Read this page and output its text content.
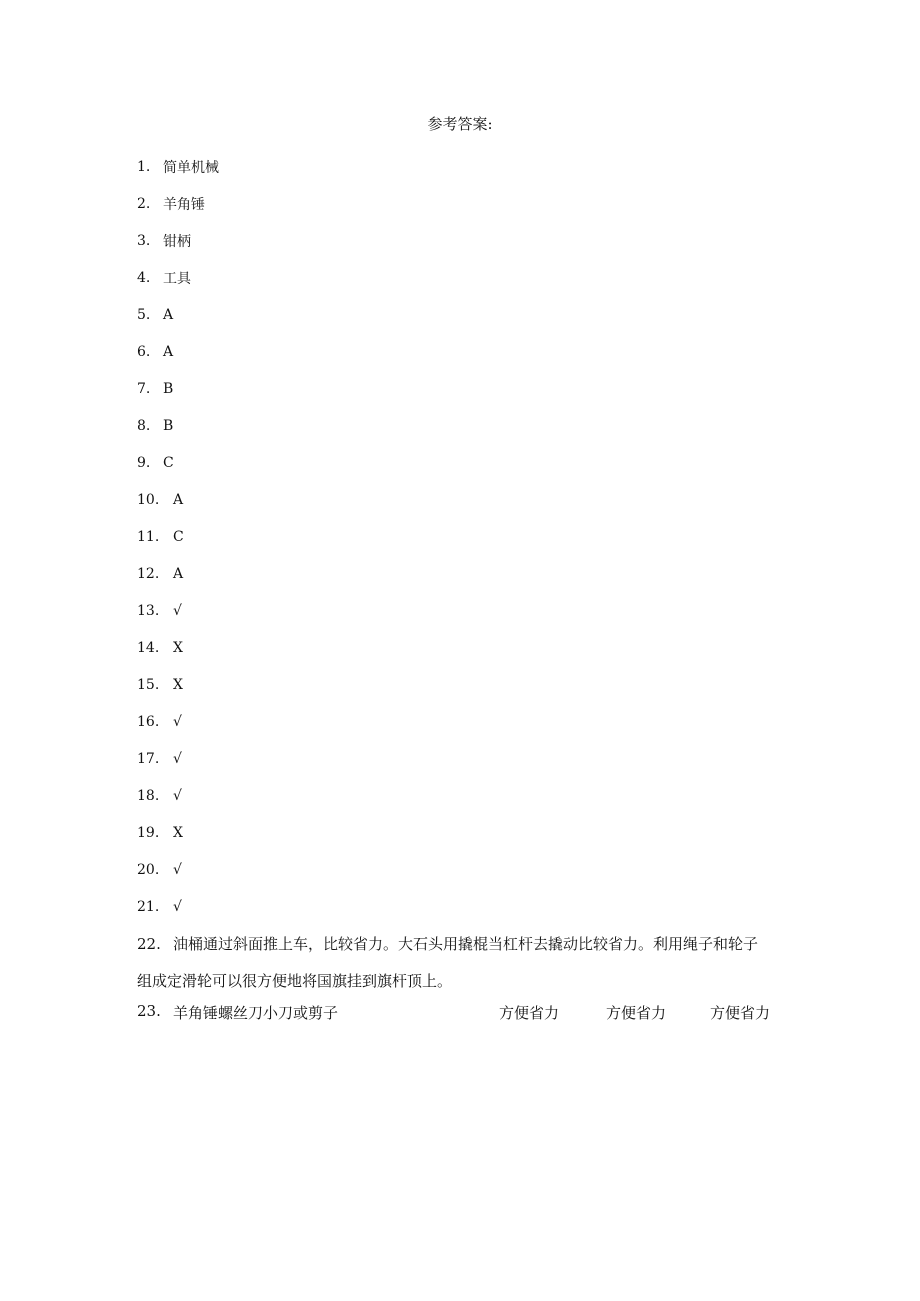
参考答案:
1. 简单机械
2. 羊角锤
3. 钳柄
4. 工具
5. A
6. A
7. B
8. B
9. C
10. A
11. C
12. A
13. √
14. X
15. X
16. √
17. √
18. √
19. X
20. √
21. √
22. 油桶通过斜面推上车，比较省力。大石头用撬棍当杠杆去撬动比较省力。利用绳子和轮子
组成定滑轮可以很方便地将国旗挂到旗杆顶上。
23. 羊角锤螺丝刀小刀或剪子	方便省力	方便省力	方便省力
